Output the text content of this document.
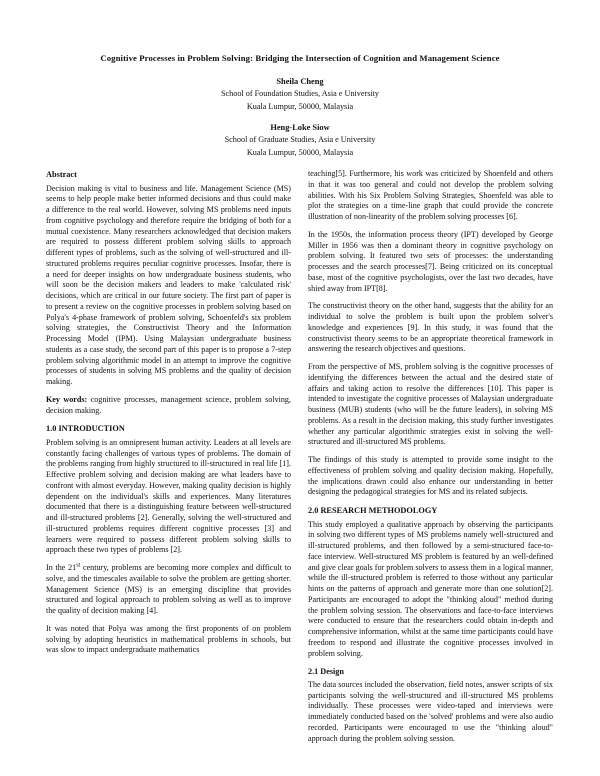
Cognitive Processes in Problem Solving: Bridging the Intersection of Cognition and Management Science
Sheila Cheng
School of Foundation Studies, Asia e University
Kuala Lumpur, 50000, Malaysia
Heng-Loke Siow
School of Graduate Studies, Asia e University
Kuala Lumpur, 50000, Malaysia
Abstract

Decision making is vital to business and life. Management Science (MS) seems to help people make better informed decisions and thus could make a difference to the real world. However, solving MS problems need inputs from cognitive psychology and therefore require the bridging of both for a mutual coexistence. Many researchers acknowledged that decision makers are required to possess different problem solving skills to approach different types of problems, such as the solving of well-structured and ill-structured problems requires peculiar cognitive processes. Insofar, there is a need for deeper insights on how undergraduate business students, who will soon be the decision makers and leaders to make 'calculated risk' decisions, which are critical in our future society. The first part of paper is to present a review on the cognitive processes in problem solving based on Polya's 4-phase framework of problem solving, Schoenfeld's six problem solving strategies, the Constructivist Theory and the Information Processing Model (IPM). Using Malaysian undergraduate business students as a case study, the second part of this paper is to propose a 7-step problem solving algorithmic model in an attempt to improve the cognitive processes of students in solving MS problems and the quality of decision making.

Key words: cognitive processes, management science, problem solving, decision making.

1.0 INTRODUCTION

Problem solving is an omnipresent human activity. Leaders at all levels are constantly facing challenges of various types of problems. The domain of the problems ranging from highly structured to ill-structured in real life [1]. Effective problem solving and decision making are what leaders have to confront with almost everyday. However, making quality decision is highly dependent on the individual's skills and experiences. Many literatures documented that there is a distinguishing feature between well-structured and ill-structured problems [2]. Generally, solving the well-structured and ill-structured problems requires different cognitive processes [3] and learners were required to possess different problem solving skills to approach these two types of problems [2].

In the 21st century, problems are becoming more complex and difficult to solve, and the timescales available to solve the problem are getting shorter. Management Science (MS) is an emerging discipline that provides structured and logical approach to problem solving as well as to improve the quality of decision making [4].

It was noted that Polya was among the first proponents of on problem solving by adopting heuristics in mathematical problems in schools, but was slow to impact undergraduate mathematics

teaching[5]. Furthermore, his work was criticized by Shoenfeld and others in that it was too general and could not develop the problem solving abilities. With his Six Problem Solving Strategies, Shoenfeld was able to plot the strategies on a time-line graph that could provide the concrete illustration of non-linearity of the problem solving processes [6].

In the 1950s, the information process theory (IPT) developed by George Miller in 1956 was then a dominant theory in cognitive psychology on problem solving. It featured two sets of processes: the understanding processes and the search processes[7]. Being criticized on its conceptual base, most of the cognitive psychologists, over the last two decades, have shied away from IPT[8].

The constructivist theory on the other hand, suggests that the ability for an individual to solve the problem is built upon the problem solver's knowledge and experiences [9]. In this study, it was found that the constructivist theory seems to be an appropriate theoretical framework in answering the research objectives and questions.

From the perspective of MS, problem solving is the cognitive processes of identifying the differences between the actual and the desired state of affairs and taking action to resolve the differences [10]. This paper is intended to investigate the cognitive processes of Malaysian undergraduate business (MUB) students (who will be the future leaders), in solving MS problems. As a result in the decision making, this study further investigates whether any particular algorithmic strategies exist in solving the well-structured and ill-structured MS problems.

The findings of this study is attempted to provide some insight to the effectiveness of problem solving and quality decision making. Hopefully, the implications drawn could also enhance our understanding in better designing the pedagogical strategies for MS and its related subjects.

2.0 RESEARCH METHODOLOGY

This study employed a qualitative approach by observing the participants in solving two different types of MS problems namely well-structured and ill-structured problems, and then followed by a semi-structured face-to-face interview. Well-structured MS problem is featured by an well-defined and give clear goals for problem solvers to assess them in a logical manner, while the ill-structured problem is referred to those without any particular hints on the patterns of approach and generate more than one solution[2]. Participants are encouraged to adopt the "thinking aloud" method during the problem solving session. The observations and face-to-face interviews were conducted to ensure that the researchers could obtain in-depth and comprehensive information, whilst at the same time participants could have freedom to respond and illustrate the cognitive processes involved in problem solving.

2.1 Design

The data sources included the observation, field notes, answer scripts of six participants solving the well-structured and ill-structured MS problems individually. These processes were video-taped and interviews were immediately conducted based on the 'solved' problems and were also audio recorded. Participants were encouraged to use the "thinking aloud" approach during the problem solving session.
